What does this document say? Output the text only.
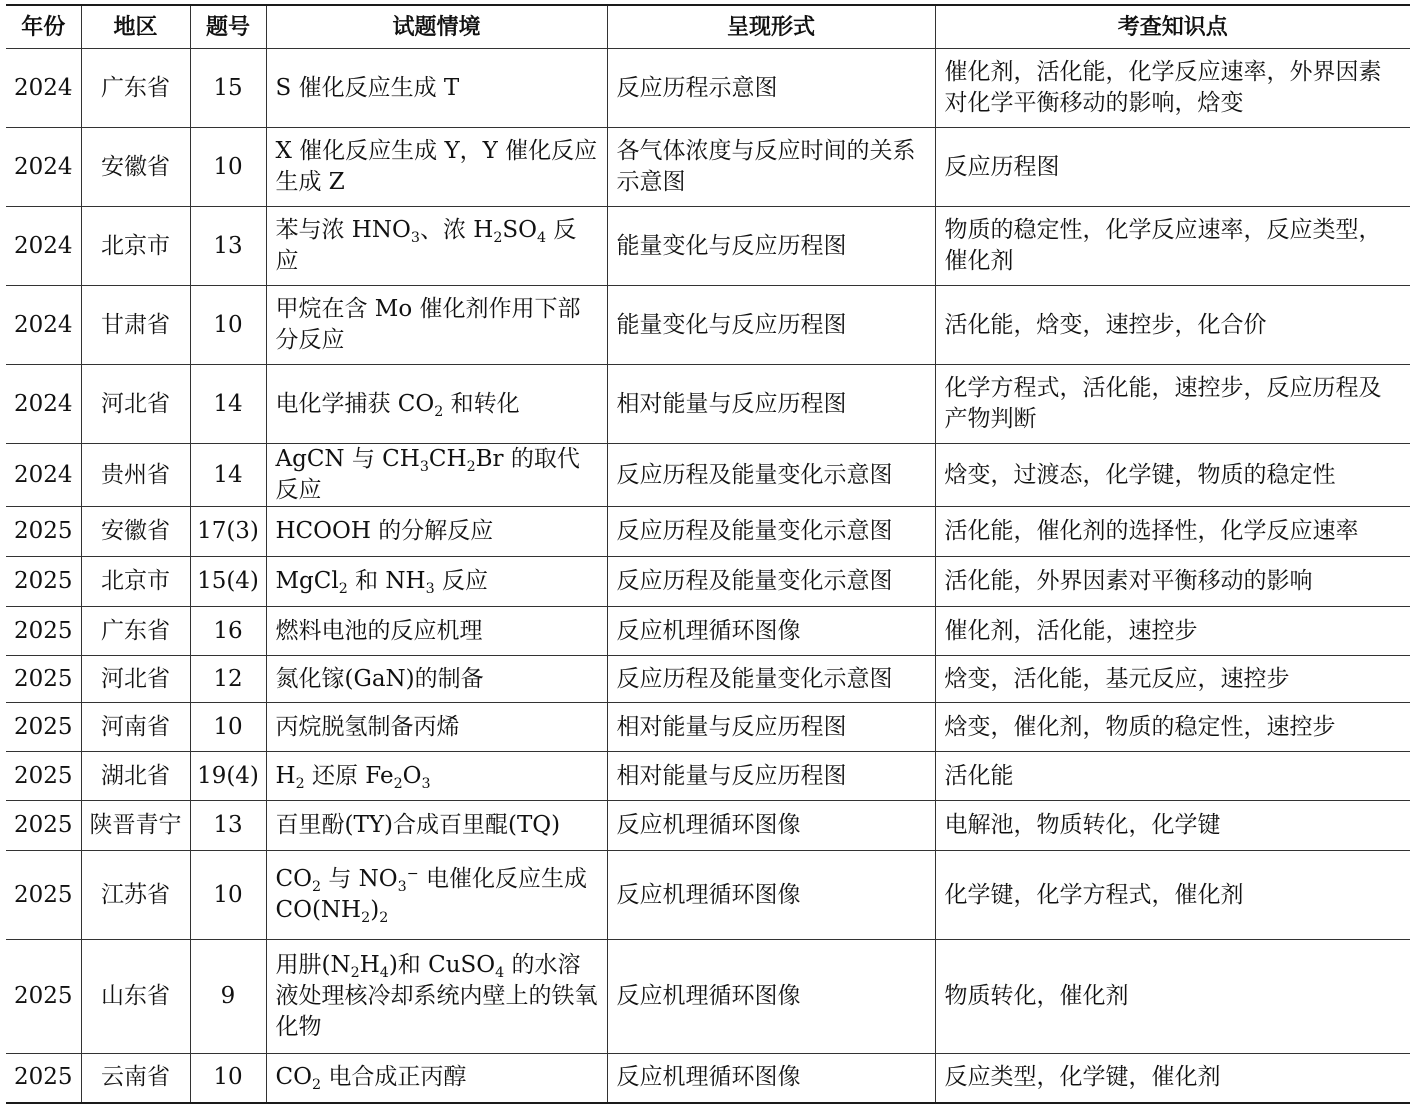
年份	地区	题号	试题情境	呈现形式	考查知识点
2024	广东省	15	S 催化反应生成 T	反应历程示意图	催化剂，活化能，化学反应速率，外界因素对化学平衡移动的影响，焓变
2024	安徽省	10	X 催化反应生成 Y，Y 催化反应生成 Z	各气体浓度与反应时间的关系示意图	反应历程图
2024	北京市	13	苯与浓 $HNO_3$、浓 $H_2SO_4$ 反应	能量变化与反应历程图	物质的稳定性，化学反应速率，反应类型，催化剂
2024	甘肃省	10	甲烷在含 Mo 催化剂作用下部分反应	能量变化与反应历程图	活化能，焓变，速控步，化合价
2024	河北省	14	电化学捕获 $CO_2$ 和转化	相对能量与反应历程图	化学方程式，活化能，速控步，反应历程及产物判断
2024	贵州省	14	AgCN 与 $CH_3CH_2Br$ 的取代反应	反应历程及能量变化示意图	焓变，过渡态，化学键，物质的稳定性
2025	安徽省	17(3)	HCOOH 的分解反应	反应历程及能量变化示意图	活化能，催化剂的选择性，化学反应速率
2025	北京市	15(4)	MgCl$_2$ 和 $NH_3$ 反应	反应历程及能量变化示意图	活化能，外界因素对平衡移动的影响
2025	广东省	16	燃料电池的反应机理	反应机理循环图像	催化剂，活化能，速控步
2025	河北省	12	氮化镓(GaN)的制备	反应历程及能量变化示意图	焓变，活化能，基元反应，速控步
2025	河南省	10	丙烷脱氢制备丙烯	相对能量与反应历程图	焓变，催化剂，物质的稳定性，速控步
2025	湖北省	19(4)	$H_2$ 还原 $Fe_2O_3$	相对能量与反应历程图	活化能
2025	陕晋青宁	13	百里酚(TY)合成百里醌(TQ)	反应机理循环图像	电解池，物质转化，化学键
2025	江苏省	10	$CO_2$ 与 $NO_3^-$ 电催化反应生成 $CO(NH_2)_2$	反应机理循环图像	化学键，化学方程式，催化剂
2025	山东省	9	用肼$(N_2H_4)$和 CuSO$_4$ 的水溶液处理核冷却系统内壁上的铁氧化物	反应机理循环图像	物质转化，催化剂
2025	云南省	10	$CO_2$ 电合成正丙醇	反应机理循环图像	反应类型，化学键，催化剂
